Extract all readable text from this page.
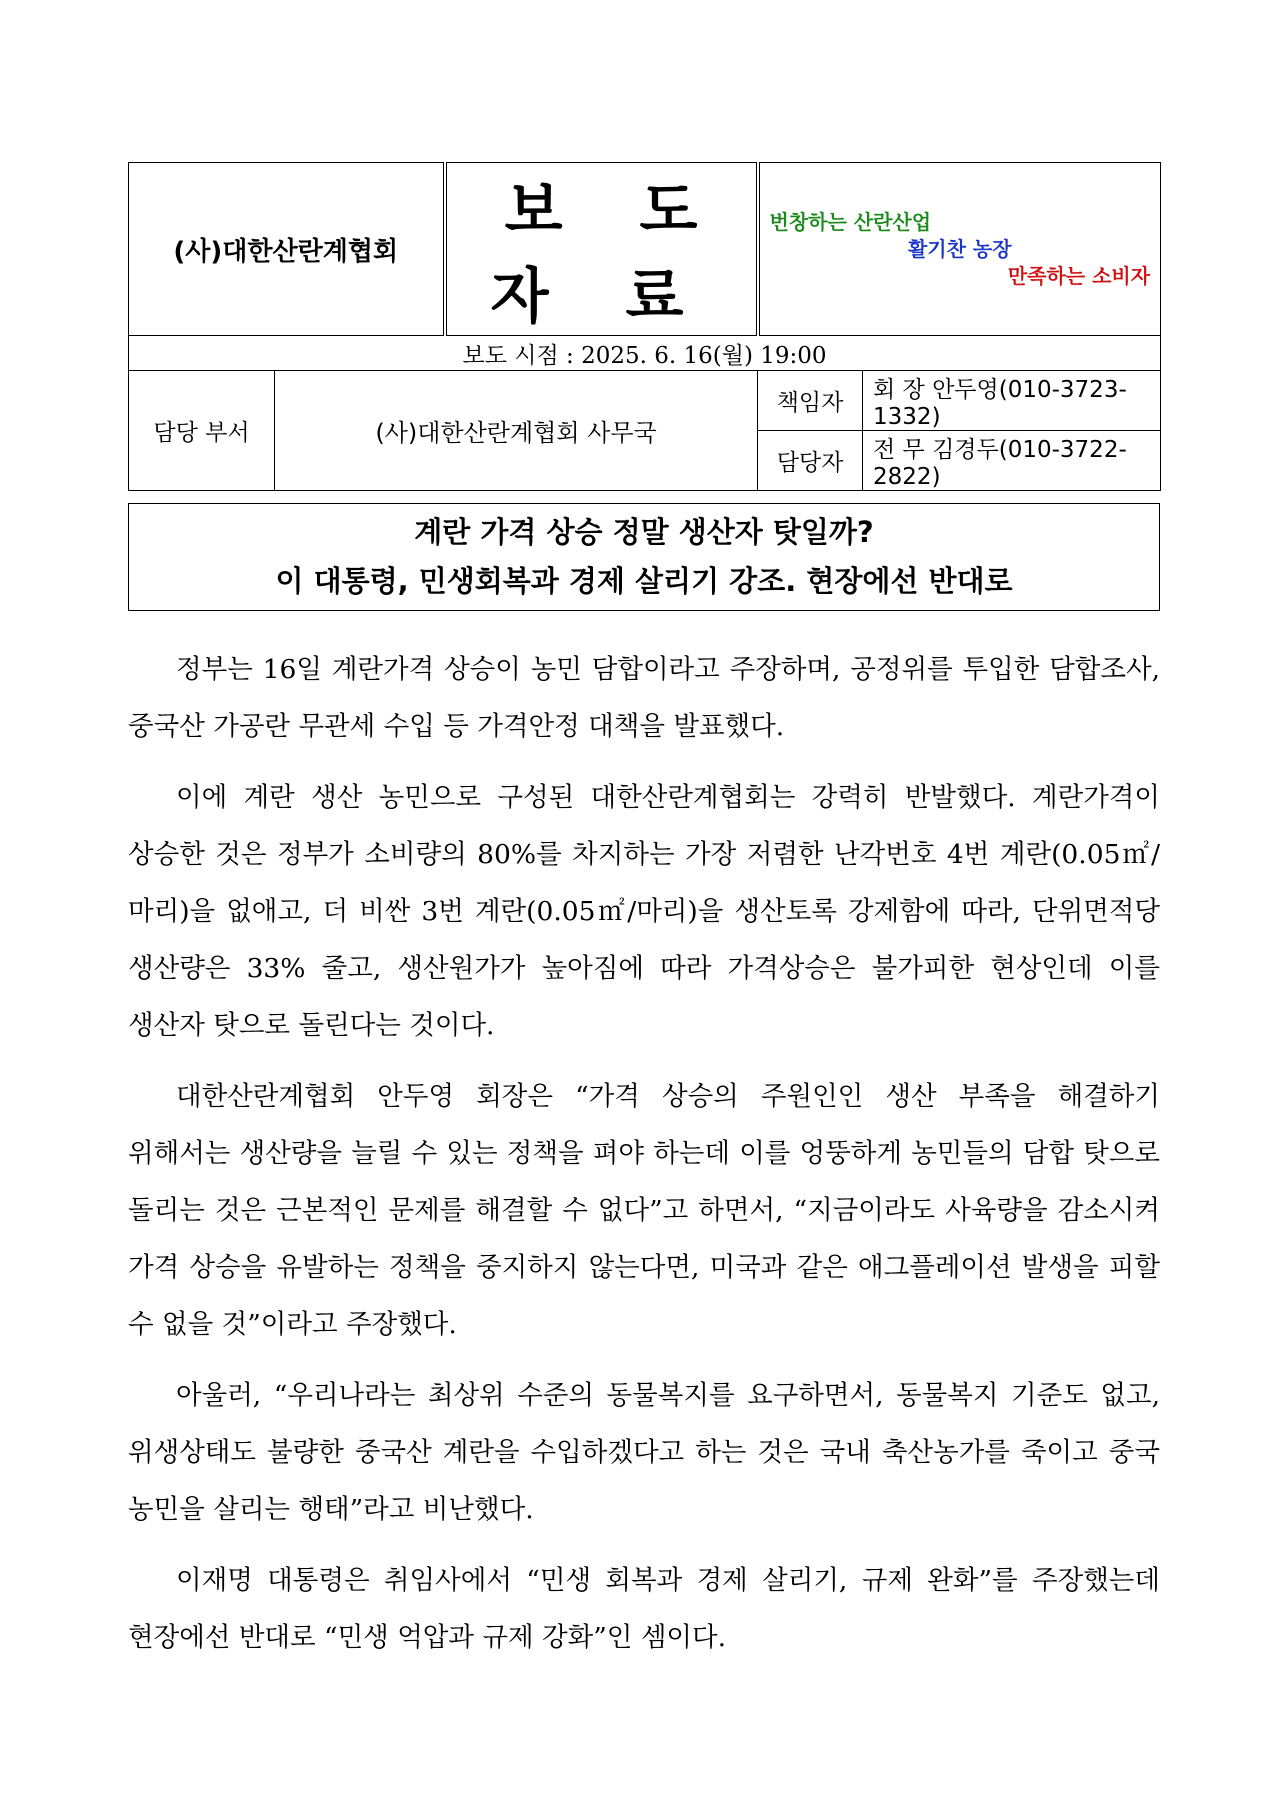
(사)대한산란계협회		보 도 자 료	번창하는 산란산업
활기찬 농장
만족하는 소비자	

보도 시점 : 2025. 6. 16(월) 19:00				
담당 부서	(사)대한산란계협회 사무국		책임자	회 장 안두영(010-3723-1332)
			담당자	전 무 김경두(010-3722-2822)
계란 가격 상승 정말 생산자 탓일까?
이 대통령, 민생회복과 경제 살리기 강조. 현장에선 반대로

정부는 16일 계란가격 상승이 농민 담합이라고 주장하며, 공정위를 투입한 담합조사, 중국산 가공란 무관세 수입 등 가격안정 대책을 발표했다.

이에 계란 생산 농민으로 구성된 대한산란계협회는 강력히 반발했다. 계란가격이 상승한 것은 정부가 소비량의 80%를 차지하는 가장 저렴한 난각번호 4번 계란(0.05㎡/마리)을 없애고, 더 비싼 3번 계란(0.05㎡/마리)을 생산토록 강제함에 따라, 단위면적당 생산량은 33% 줄고, 생산원가가 높아짐에 따라 가격상승은 불가피한 현상인데 이를 생산자 탓으로 돌린다는 것이다.

대한산란계협회 안두영 회장은 “가격 상승의 주원인인 생산 부족을 해결하기 위해서는 생산량을 늘릴 수 있는 정책을 펴야 하는데 이를 엉뚱하게 농민들의 담합 탓으로 돌리는 것은 근본적인 문제를 해결할 수 없다”고 하면서, “지금이라도 사육량을 감소시켜 가격 상승을 유발하는 정책을 중지하지 않는다면, 미국과 같은 애그플레이션 발생을 피할 수 없을 것”이라고 주장했다.

아울러, “우리나라는 최상위 수준의 동물복지를 요구하면서, 동물복지 기준도 없고, 위생상태도 불량한 중국산 계란을 수입하겠다고 하는 것은 국내 축산농가를 죽이고 중국 농민을 살리는 행태”라고 비난했다.

이재명 대통령은 취임사에서 “민생 회복과 경제 살리기, 규제 완화”를 주장했는데 현장에선 반대로 “민생 억압과 규제 강화”인 셈이다.
